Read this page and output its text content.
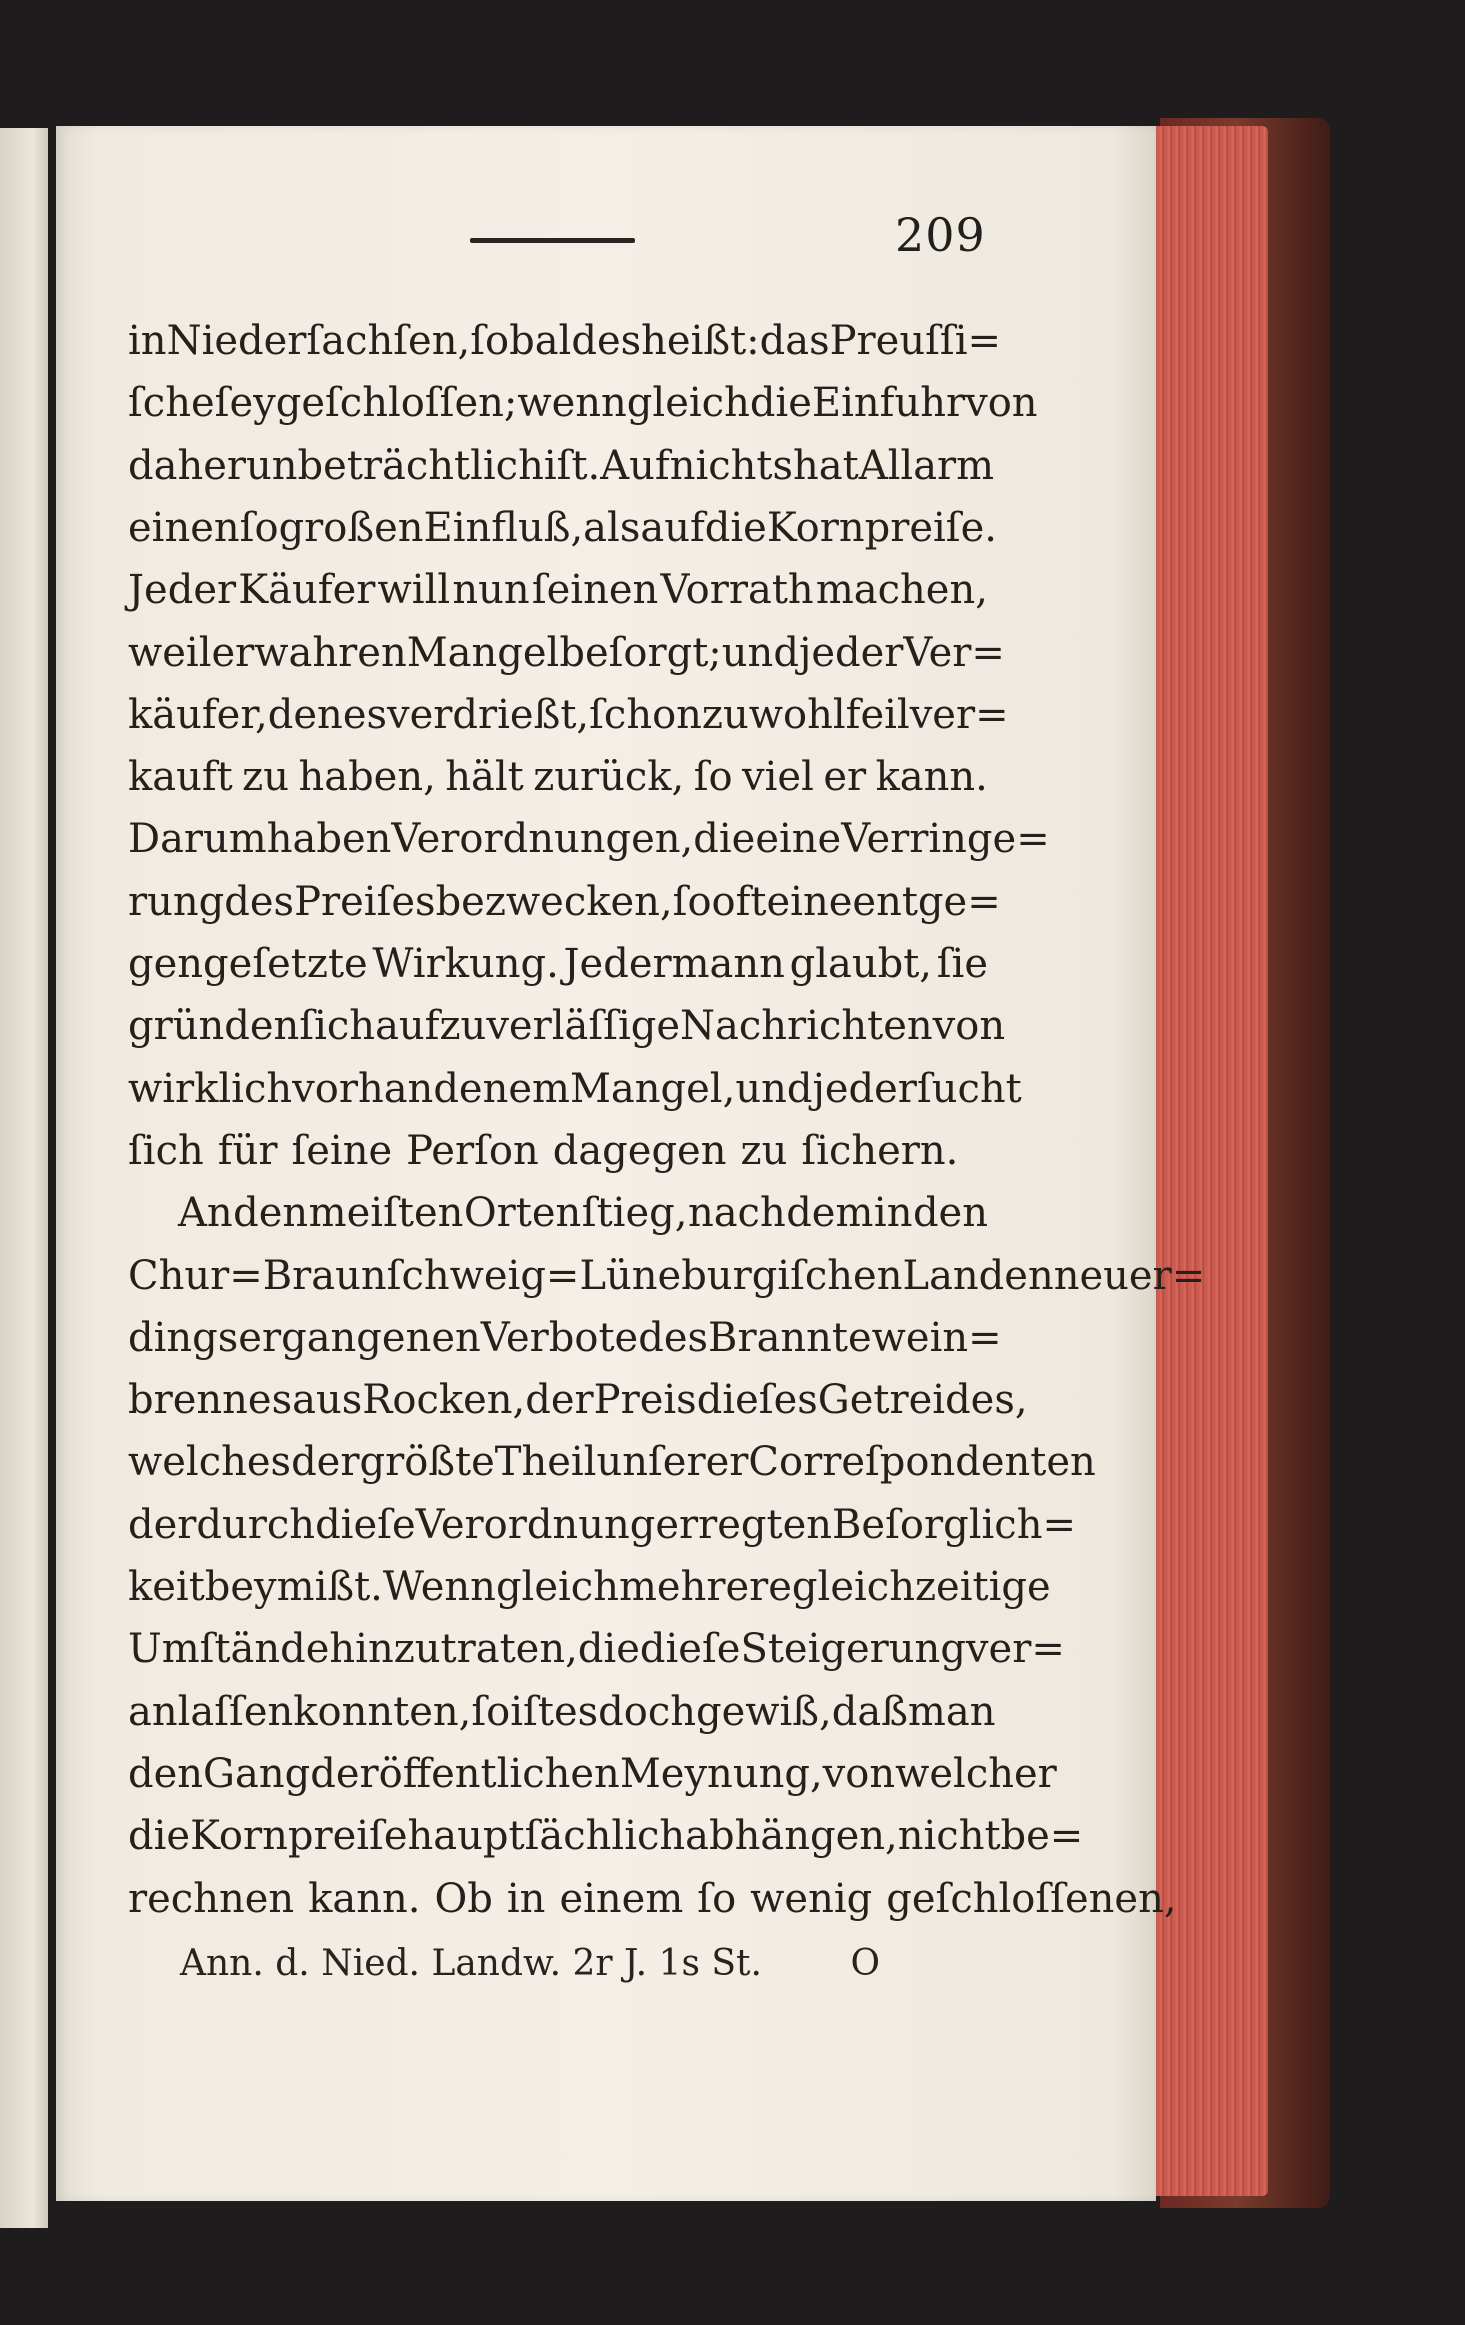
209
in Niederſachſen, ſobald es heißt: das Preuſſi=
ſche ſey geſchloſſen; wenn gleich die Einfuhr von
daher unbeträchtlich iſt. Auf nichts hat Allarm
einen ſo großen Einfluß, als auf die Kornpreiſe.
Jeder Käufer will nun ſeinen Vorrath machen,
weil er wahren Mangel beſorgt; und jeder Ver=
käufer, den es verdrießt, ſchon zu wohlfeil ver=
kauft zu haben, hält zurück, ſo viel er kann.
Darum haben Verordnungen, die eine Verringe=
rung des Preiſes bezwecken, ſo oft eine entge=
gengeſetzte Wirkung. Jedermann glaubt, ſie
gründen ſich auf zuverläſſige Nachrichten von
wirklich vorhandenem Mangel, und jeder ſucht
ſich für ſeine Perſon dagegen zu ſichern.
An den meiſten Orten ſtieg, nach dem in den
Chur=Braunſchweig=Lüneburgiſchen Landen neuer=
dings ergangenen Verbote des Branntewein=
brennes aus Rocken, der Preis dieſes Getreides,
welches der größte Theil unſerer Correſpondenten
der durch dieſe Verordnung erregten Beſorglich=
keit beymißt. Wenn gleich mehrere gleichzeitige
Umſtände hinzutraten, die dieſe Steigerung ver=
anlaſſen konnten, ſo iſt es doch gewiß, daß man
den Gang der öffentlichen Meynung, von welcher
die Kornpreiſe hauptſächlich abhängen, nicht be=
rechnen kann. Ob in einem ſo wenig geſchloſſenen,
Ann. d. Nied. Landw. 2r J. 1s St. O
